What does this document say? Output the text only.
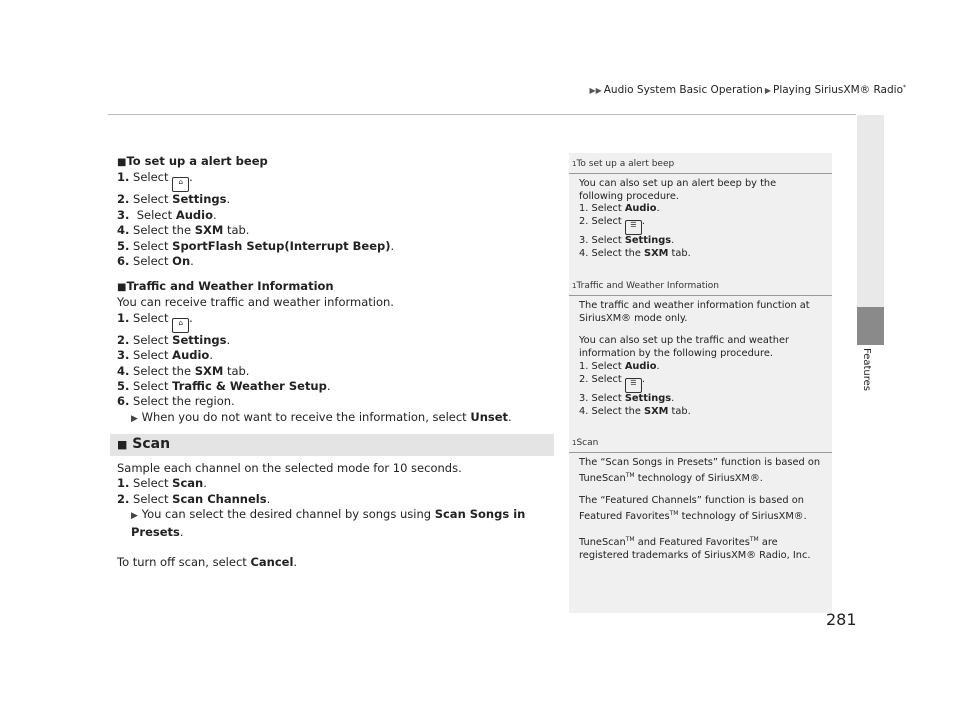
▶▶ Audio System Basic Operation ▶ Playing SiriusXM® Radio*
Features
■To set up a alert beep
1. Select ⌂ .
2. Select Settings.
3. Select Audio.
4. Select the SXM tab.
5. Select SportFlash Setup(Interrupt Beep).
6. Select On.
■Traffic and Weather Information
You can receive traffic and weather information.
1. Select ⌂ .
2. Select Settings.
3. Select Audio.
4. Select the SXM tab.
5. Select Traffic & Weather Setup.
6. Select the region.
▶ When you do not want to receive the information, select Unset.
■ Scan
Sample each channel on the selected mode for 10 seconds.
1. Select Scan.
2. Select Scan Channels.
▶ You can select the desired channel by songs using Scan Songs in Presets.
To turn off scan, select Cancel.
1To set up a alert beep
You can also set up an alert beep by the following procedure.
1. Select Audio.
2. Select ☰ .
3. Select Settings.
4. Select the SXM tab.
1Traffic and Weather Information
The traffic and weather information function at SiriusXM® mode only.
You can also set up the traffic and weather information by the following procedure.
1. Select Audio.
2. Select ☰ .
3. Select Settings.
4. Select the SXM tab.
1Scan
The “Scan Songs in Presets” function is based on TuneScan™ technology of SiriusXM®.
The “Featured Channels” function is based on Featured Favorites™ technology of SiriusXM®.
TuneScan™ and Featured Favorites™ are registered trademarks of SiriusXM® Radio, Inc.
281
